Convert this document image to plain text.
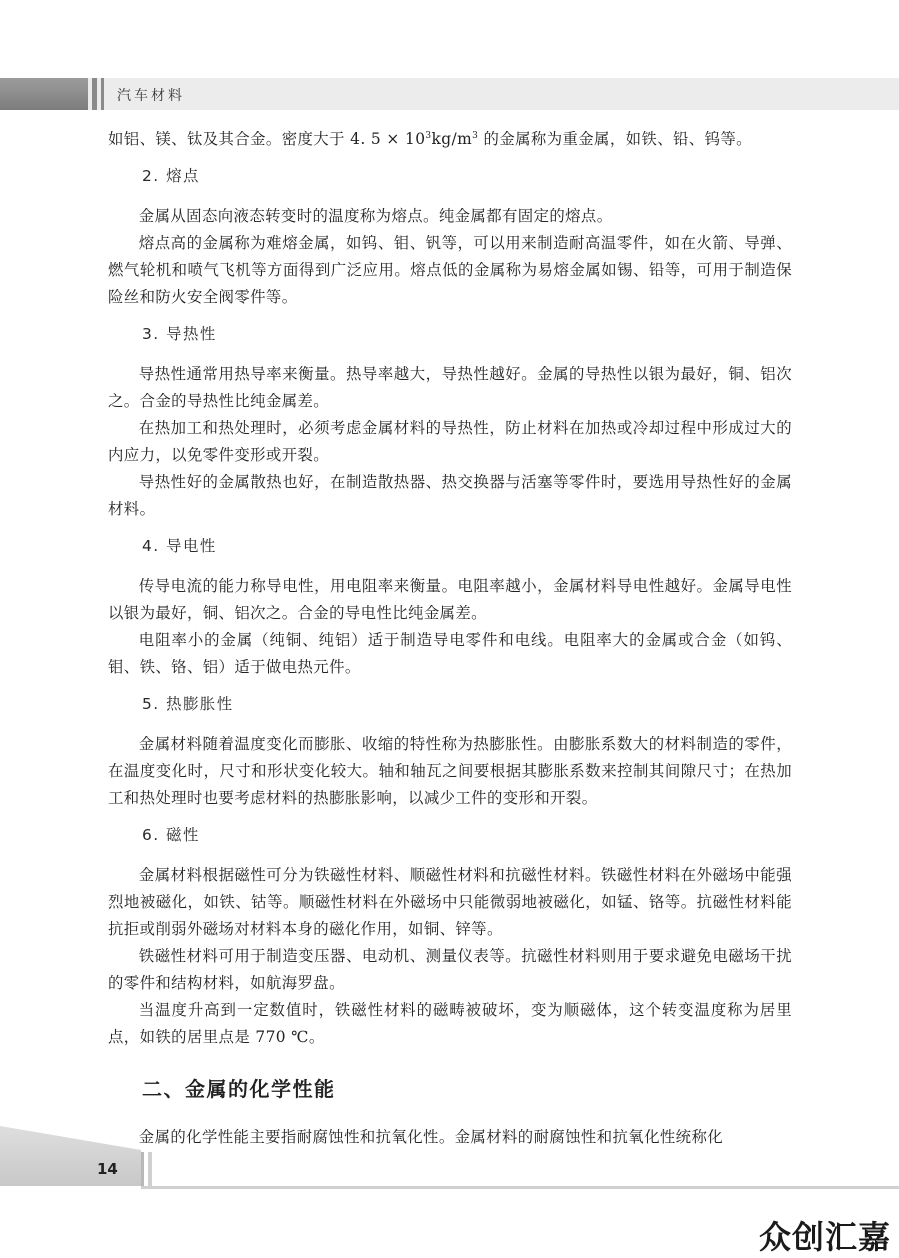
汽车材料

如铝、镁、钛及其合金。密度大于 4. $5 \times 10^3kg/m^3$ 的金属称为重金属，如铁、铅、钨等。

2. 熔点

金属从固态向液态转变时的温度称为熔点。纯金属都有固定的熔点。

熔点高的金属称为难熔金属，如钨、钼、钒等，可以用来制造耐高温零件，如在火箭、导弹、燃气轮机和喷气飞机等方面得到广泛应用。熔点低的金属称为易熔金属如锡、铅等，可用于制造保险丝和防火安全阀零件等。

3. 导热性

导热性通常用热导率来衡量。热导率越大，导热性越好。金属的导热性以银为最好，铜、铝次之。合金的导热性比纯金属差。

在热加工和热处理时，必须考虑金属材料的导热性，防止材料在加热或冷却过程中形成过大的内应力，以免零件变形或开裂。

导热性好的金属散热也好，在制造散热器、热交换器与活塞等零件时，要选用导热性好的金属材料。

4. 导电性

传导电流的能力称导电性，用电阻率来衡量。电阻率越小，金属材料导电性越好。金属导电性以银为最好，铜、铝次之。合金的导电性比纯金属差。

电阻率小的金属（纯铜、纯铝）适于制造导电零件和电线。电阻率大的金属或合金（如钨、钼、铁、铬、铝）适于做电热元件。

5. 热膨胀性

金属材料随着温度变化而膨胀、收缩的特性称为热膨胀性。由膨胀系数大的材料制造的零件，在温度变化时，尺寸和形状变化较大。轴和轴瓦之间要根据其膨胀系数来控制其间隙尺寸；在热加工和热处理时也要考虑材料的热膨胀影响，以减少工件的变形和开裂。

6. 磁性

金属材料根据磁性可分为铁磁性材料、顺磁性材料和抗磁性材料。铁磁性材料在外磁场中能强烈地被磁化，如铁、钴等。顺磁性材料在外磁场中只能微弱地被磁化，如锰、铬等。抗磁性材料能抗拒或削弱外磁场对材料本身的磁化作用，如铜、锌等。

铁磁性材料可用于制造变压器、电动机、测量仪表等。抗磁性材料则用于要求避免电磁场干扰的零件和结构材料，如航海罗盘。

当温度升高到一定数值时，铁磁性材料的磁畴被破坏，变为顺磁体，这个转变温度称为居里点，如铁的居里点是 770 ℃。

二、金属的化学性能

金属的化学性能主要指耐腐蚀性和抗氧化性。金属材料的耐腐蚀性和抗氧化性统称化

14
众创汇嘉
